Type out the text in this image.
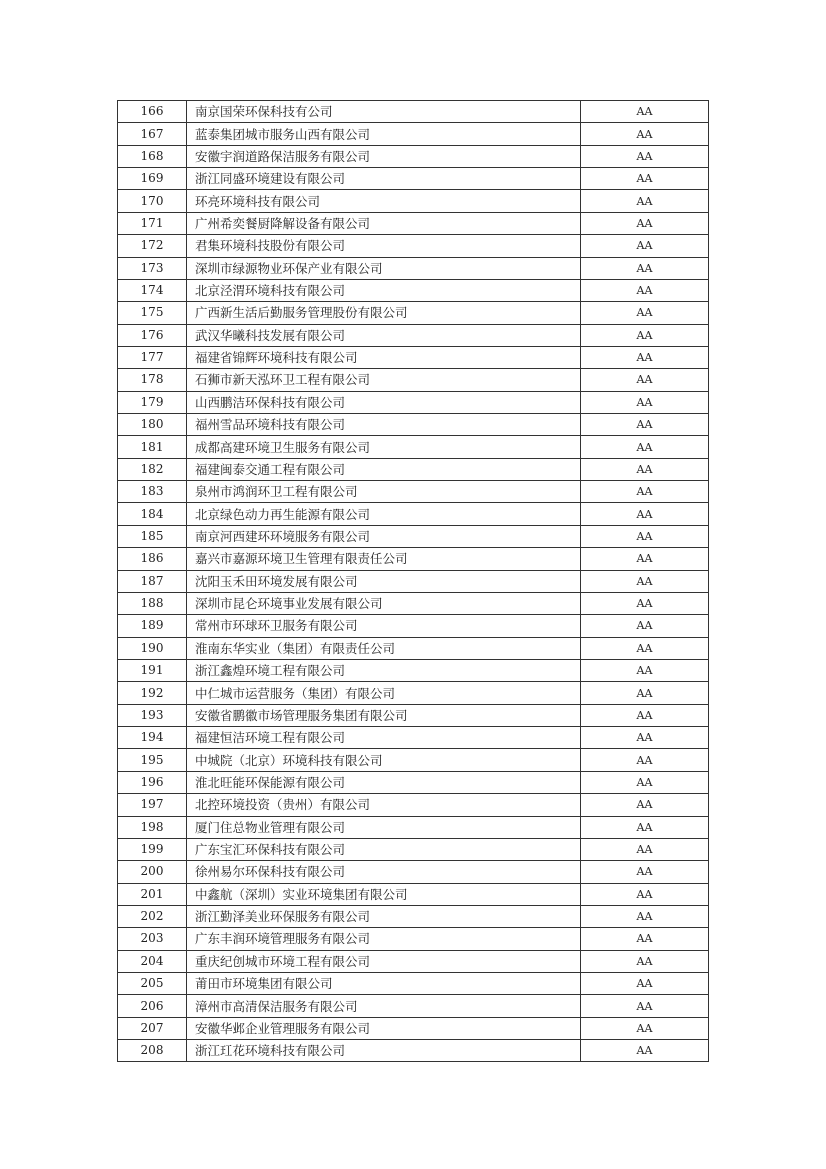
166	南京国荣环保科技有公司	AA
167	蓝泰集团城市服务山西有限公司	AA
168	安徽宇润道路保洁服务有限公司	AA
169	浙江同盛环境建设有限公司	AA
170	环亮环境科技有限公司	AA
171	广州希奕餐厨降解设备有限公司	AA
172	君集环境科技股份有限公司	AA
173	深圳市绿源物业环保产业有限公司	AA
174	北京泾渭环境科技有限公司	AA
175	广西新生活后勤服务管理股份有限公司	AA
176	武汉华曦科技发展有限公司	AA
177	福建省锦辉环境科技有限公司	AA
178	石狮市新天泓环卫工程有限公司	AA
179	山西鹏洁环保科技有限公司	AA
180	福州雪品环境科技有限公司	AA
181	成都高建环境卫生服务有限公司	AA
182	福建闽泰交通工程有限公司	AA
183	泉州市鸿润环卫工程有限公司	AA
184	北京绿色动力再生能源有限公司	AA
185	南京河西建环环境服务有限公司	AA
186	嘉兴市嘉源环境卫生管理有限责任公司	AA
187	沈阳玉禾田环境发展有限公司	AA
188	深圳市昆仑环境事业发展有限公司	AA
189	常州市环球环卫服务有限公司	AA
190	淮南东华实业（集团）有限责任公司	AA
191	浙江鑫煌环境工程有限公司	AA
192	中仁城市运营服务（集团）有限公司	AA
193	安徽省鹏徽市场管理服务集团有限公司	AA
194	福建恒洁环境工程有限公司	AA
195	中城院（北京）环境科技有限公司	AA
196	淮北旺能环保能源有限公司	AA
197	北控环境投资（贵州）有限公司	AA
198	厦门住总物业管理有限公司	AA
199	广东宝汇环保科技有限公司	AA
200	徐州易尔环保科技有限公司	AA
201	中鑫航（深圳）实业环境集团有限公司	AA
202	浙江勤泽美业环保服务有限公司	AA
203	广东丰润环境管理服务有限公司	AA
204	重庆纪创城市环境工程有限公司	AA
205	莆田市环境集团有限公司	AA
206	漳州市高清保洁服务有限公司	AA
207	安徽华邺企业管理服务有限公司	AA
208	浙江玒花环境科技有限公司	AA
